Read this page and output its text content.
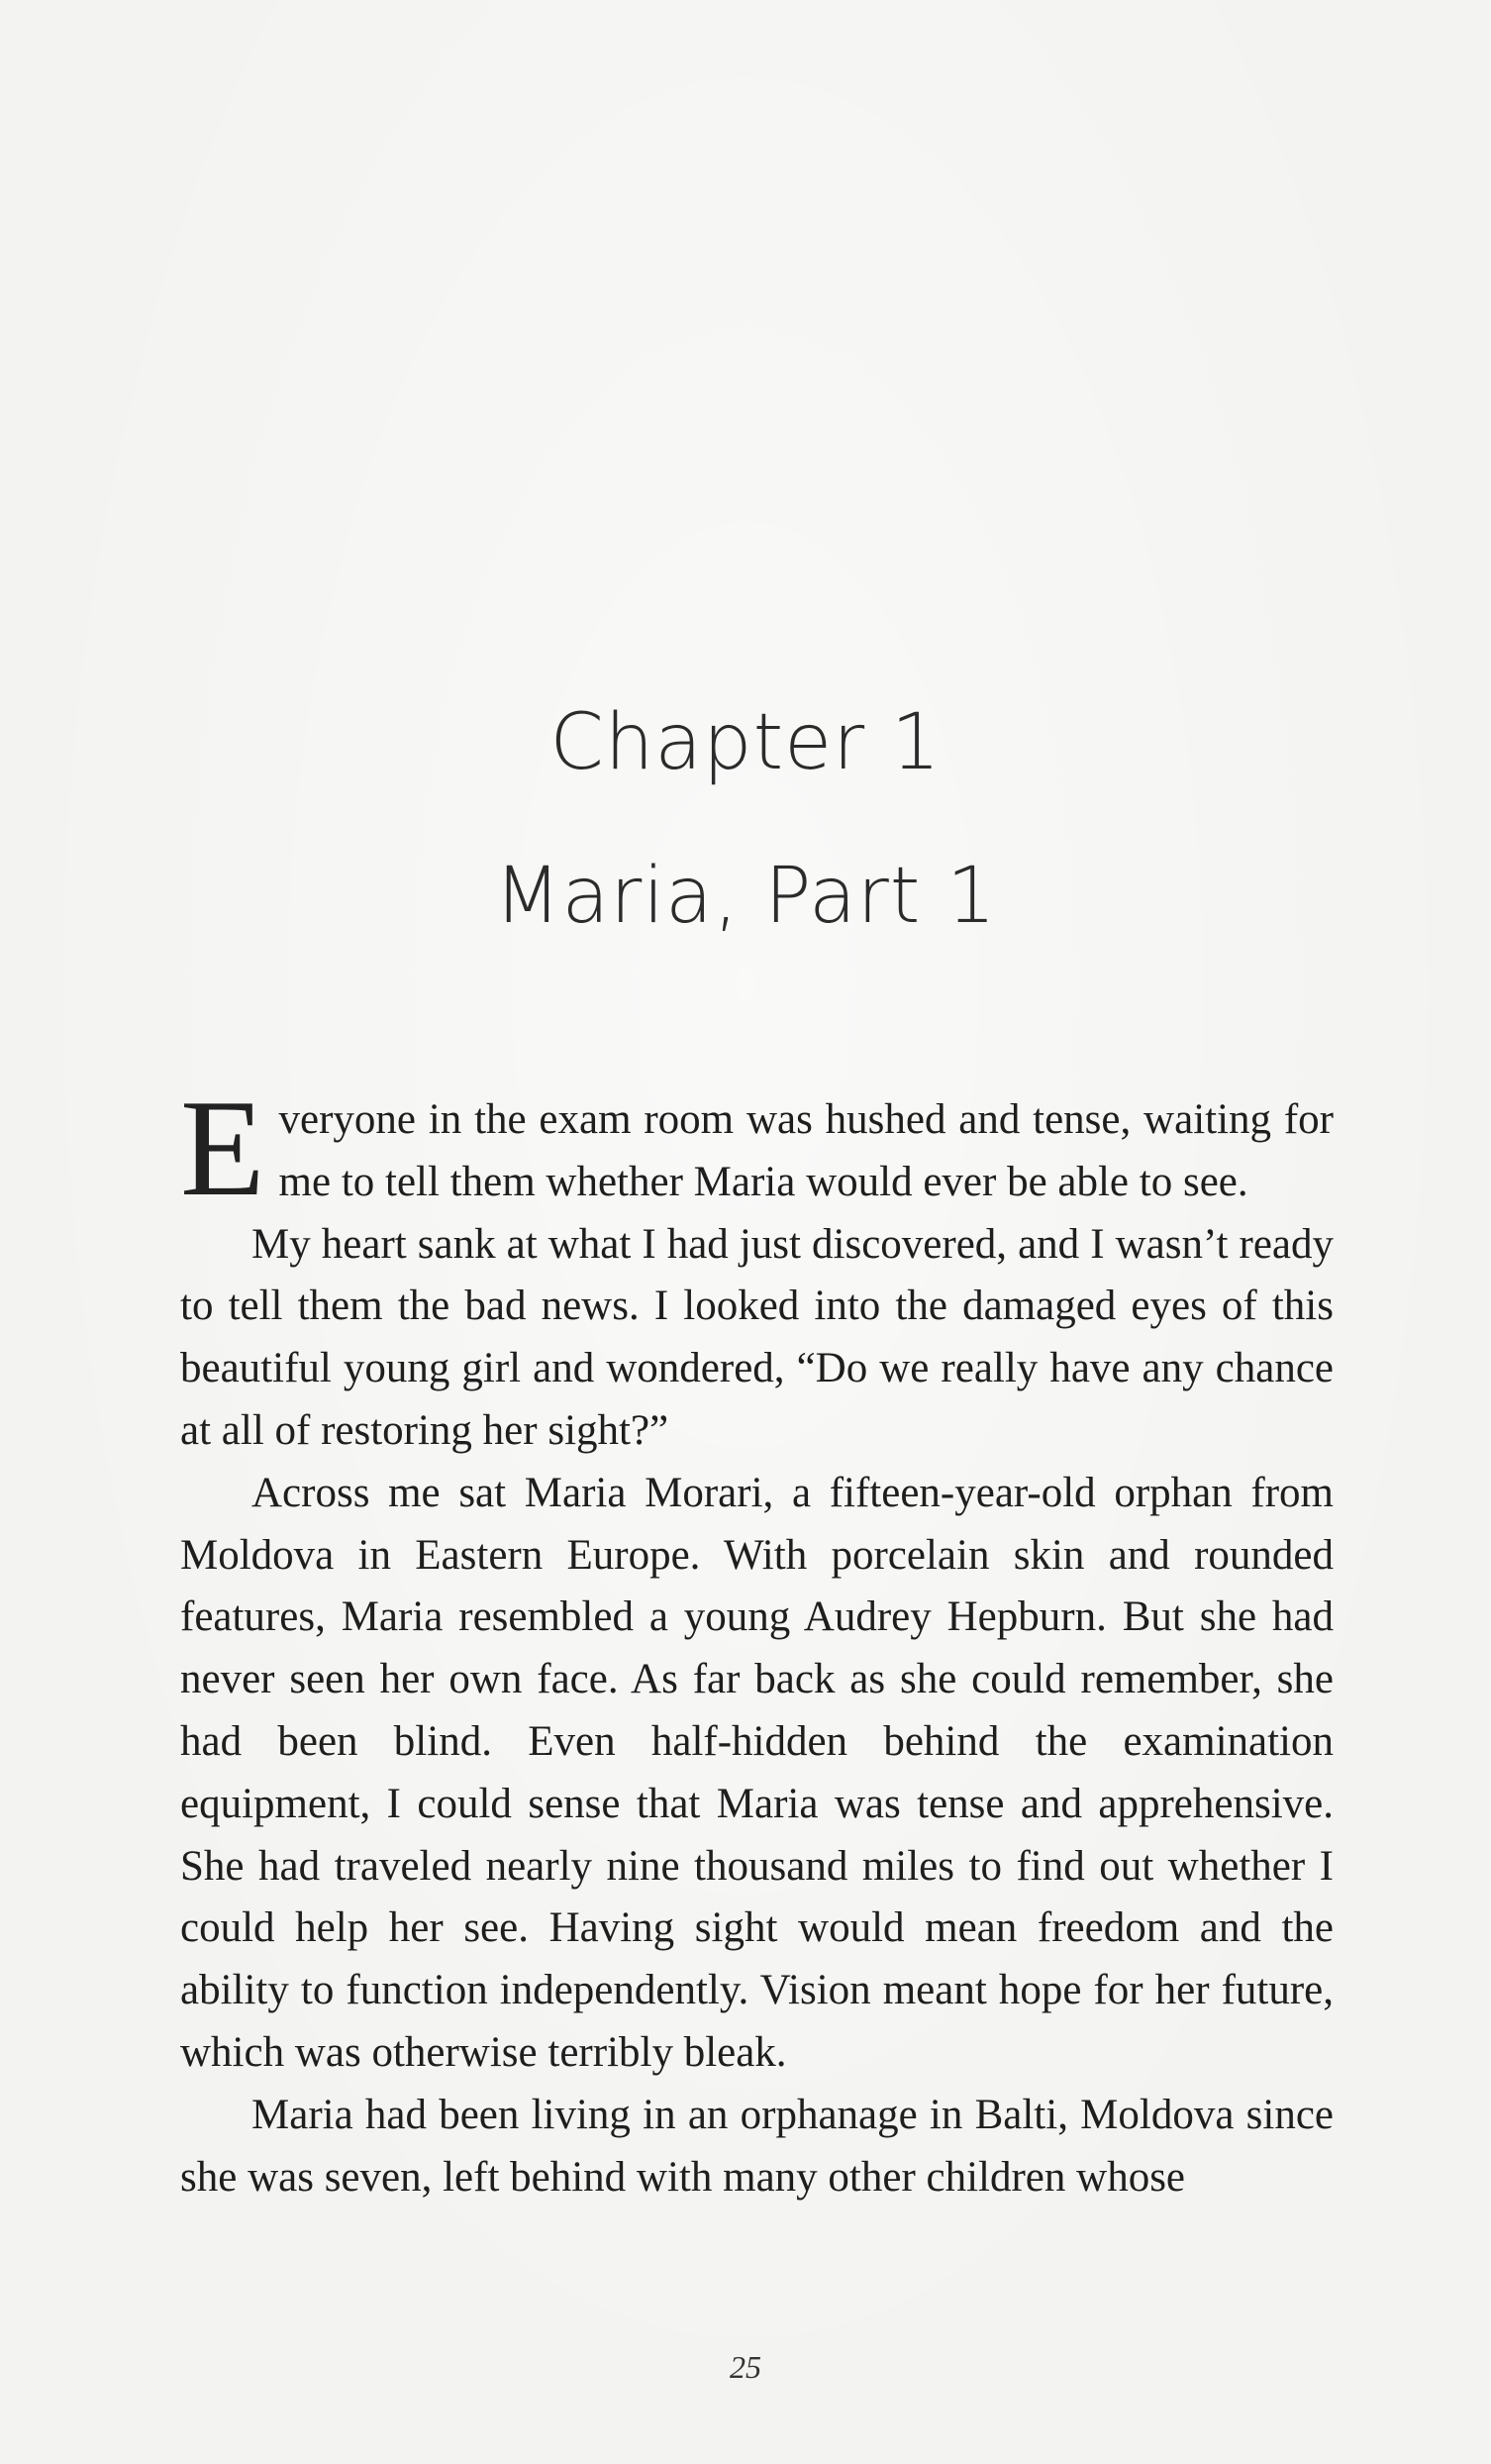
Chapter 1
Maria, Part 1

Everyone in the exam room was hushed and tense, waiting for me to tell them whether Maria would ever be able to see.

My heart sank at what I had just discovered, and I wasn’t ready to tell them the bad news. I looked into the damaged eyes of this beautiful young girl and wondered, “Do we really have any chance at all of restoring her sight?”

Across me sat Maria Morari, a fifteen-year-old orphan from Moldova in Eastern Europe. With porcelain skin and rounded features, Maria resembled a young Audrey Hepburn. But she had never seen her own face. As far back as she could remember, she had been blind. Even half-hidden behind the examination equipment, I could sense that Maria was tense and apprehensive. She had traveled nearly nine thousand miles to find out whether I could help her see. Having sight would mean freedom and the ability to function independently. Vision meant hope for her future, which was otherwise terribly bleak.

Maria had been living in an orphanage in Balti, Moldova since she was seven, left behind with many other children whose

25
